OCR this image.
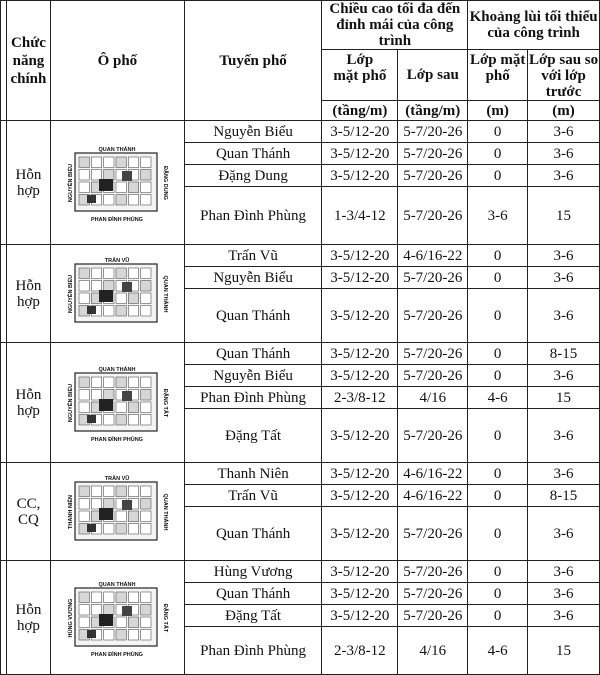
	Chức
năng
chính	Ô phố	Tuyến phố	Chiều cao tối đa đến
đỉnh mái của công trình		Khoảng lùi tối thiểu
của công trình	
				Lớp
mặt phố	Lớp sau	Lớp mặt
phố	Lớp sau so
với lớp trước
				(tầng/m)	(tầng/m)	(m)	(m)
	Hỗn
hợp	QUAN THÁNH
NGUYỄN BIỂU ĐẶNG DUNG
PHAN ĐÌNH PHÙNG	Nguyễn Biểu	3-5/12-20	5-7/20-26	0	3-6
			Quan Thánh	3-5/12-20	5-7/20-26	0	3-6
			Đặng Dung	3-5/12-20	5-7/20-26	0	3-6
			Phan Đình Phùng	1-3/4-12	5-7/20-26	3-6	15
	Hỗn
hợp	TRẤN VŨ
NGUYỄN BIỂU QUAN THÁNH	Trấn Vũ	3-5/12-20	4-6/16-22	0	3-6
			Nguyễn Biểu	3-5/12-20	5-7/20-26	0	3-6
			Quan Thánh	3-5/12-20	5-7/20-26	0	3-6
	Hỗn
hợp	QUAN THÁNH
NGUYỄN BIỂU ĐẶNG TẤT
PHAN ĐÌNH PHÙNG	Quan Thánh	3-5/12-20	5-7/20-26	0	8-15
			Nguyễn Biểu	3-5/12-20	5-7/20-26	0	3-6
			Phan Đình Phùng	2-3/8-12	4/16	4-6	15
			Đặng Tất	3-5/12-20	5-7/20-26	0	3-6
	CC,
CQ	TRẤN VŨ
THANH NIÊN QUAN THÁNH	Thanh Niên	3-5/12-20	4-6/16-22	0	3-6
			Trấn Vũ	3-5/12-20	4-6/16-22	0	8-15
			Quan Thánh	3-5/12-20	5-7/20-26	0	3-6
	Hỗn
hợp	QUAN THÁNH
HÙNG VƯƠNG ĐẶNG TẤT
PHAN ĐÌNH PHÙNG	Hùng Vương	3-5/12-20	5-7/20-26	0	3-6
			Quan Thánh	3-5/12-20	5-7/20-26	0	3-6
			Đặng Tất	3-5/12-20	5-7/20-26	0	3-6
			Phan Đình Phùng	2-3/8-12	4/16	4-6	15
